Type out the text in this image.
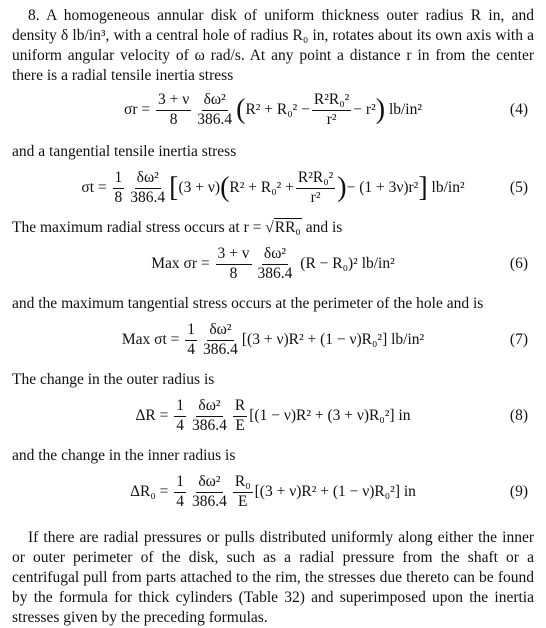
8. A homogeneous annular disk of uniform thickness outer radius R in, and density δ lb/in³, with a central hole of radius R₀ in, rotates about its own axis with a uniform angular velocity of ω rad/s. At any point a distance r in from the center there is a radial tensile inertia stress

σr =
$\frac{3 + \nu}{8} \frac{\text{δω²}}{386.4}$ ( $R^2 + R_0^2 - \frac{\text{R²R₀²}}{\text{r²}} - r^2$ )
lb/in²	(4)

and a tangential tensile inertia stress

σt =
$\frac{1}{8} \frac{\text{δω²}}{386.4}$ [ (3 + ν) ( $R^2 + R_0^2 + \frac{\text{R²R₀²}}{\text{r²}}$ ) − (1 + 3ν)r² ]
lb/in²	(5)

The maximum radial stress occurs at r = √RR₀ and is

Max σr =
$\frac{3 + v}{8} \frac{\text{δω²}}{386.4}$
(R − R₀)² lb/in²	(6)

and the maximum tangential stress occurs at the perimeter of the hole and is

Max σt =
$\frac{1}{4} \frac{\text{δω²}}{386.4} [(3 + \nu)R^2 + (1 - \nu)R_0^2]$ lb/in²	(7)

The change in the outer radius is

ΔR =
$\frac{1}{4} \frac{\text{δω²}}{386.4} \frac{R}{E} [(1 - \nu)R^2 + (3 + \nu)R_0^2]$ in	(8)

and the change in the inner radius is

ΔR₀ =
$\frac{1}{4} \frac{\text{δω²}}{386.4} \frac{\text{R₀}}{E} [(3 + \nu)R^2 + (1 - \nu)R_0^2]$ in	(9)

If there are radial pressures or pulls distributed uniformly along either the inner or outer perimeter of the disk, such as a radial pressure from the shaft or a centrifugal pull from parts attached to the rim, the stresses due thereto can be found by the formula for thick cylinders (Table 32) and superimposed upon the inertia stresses given by the preceding formulas.
